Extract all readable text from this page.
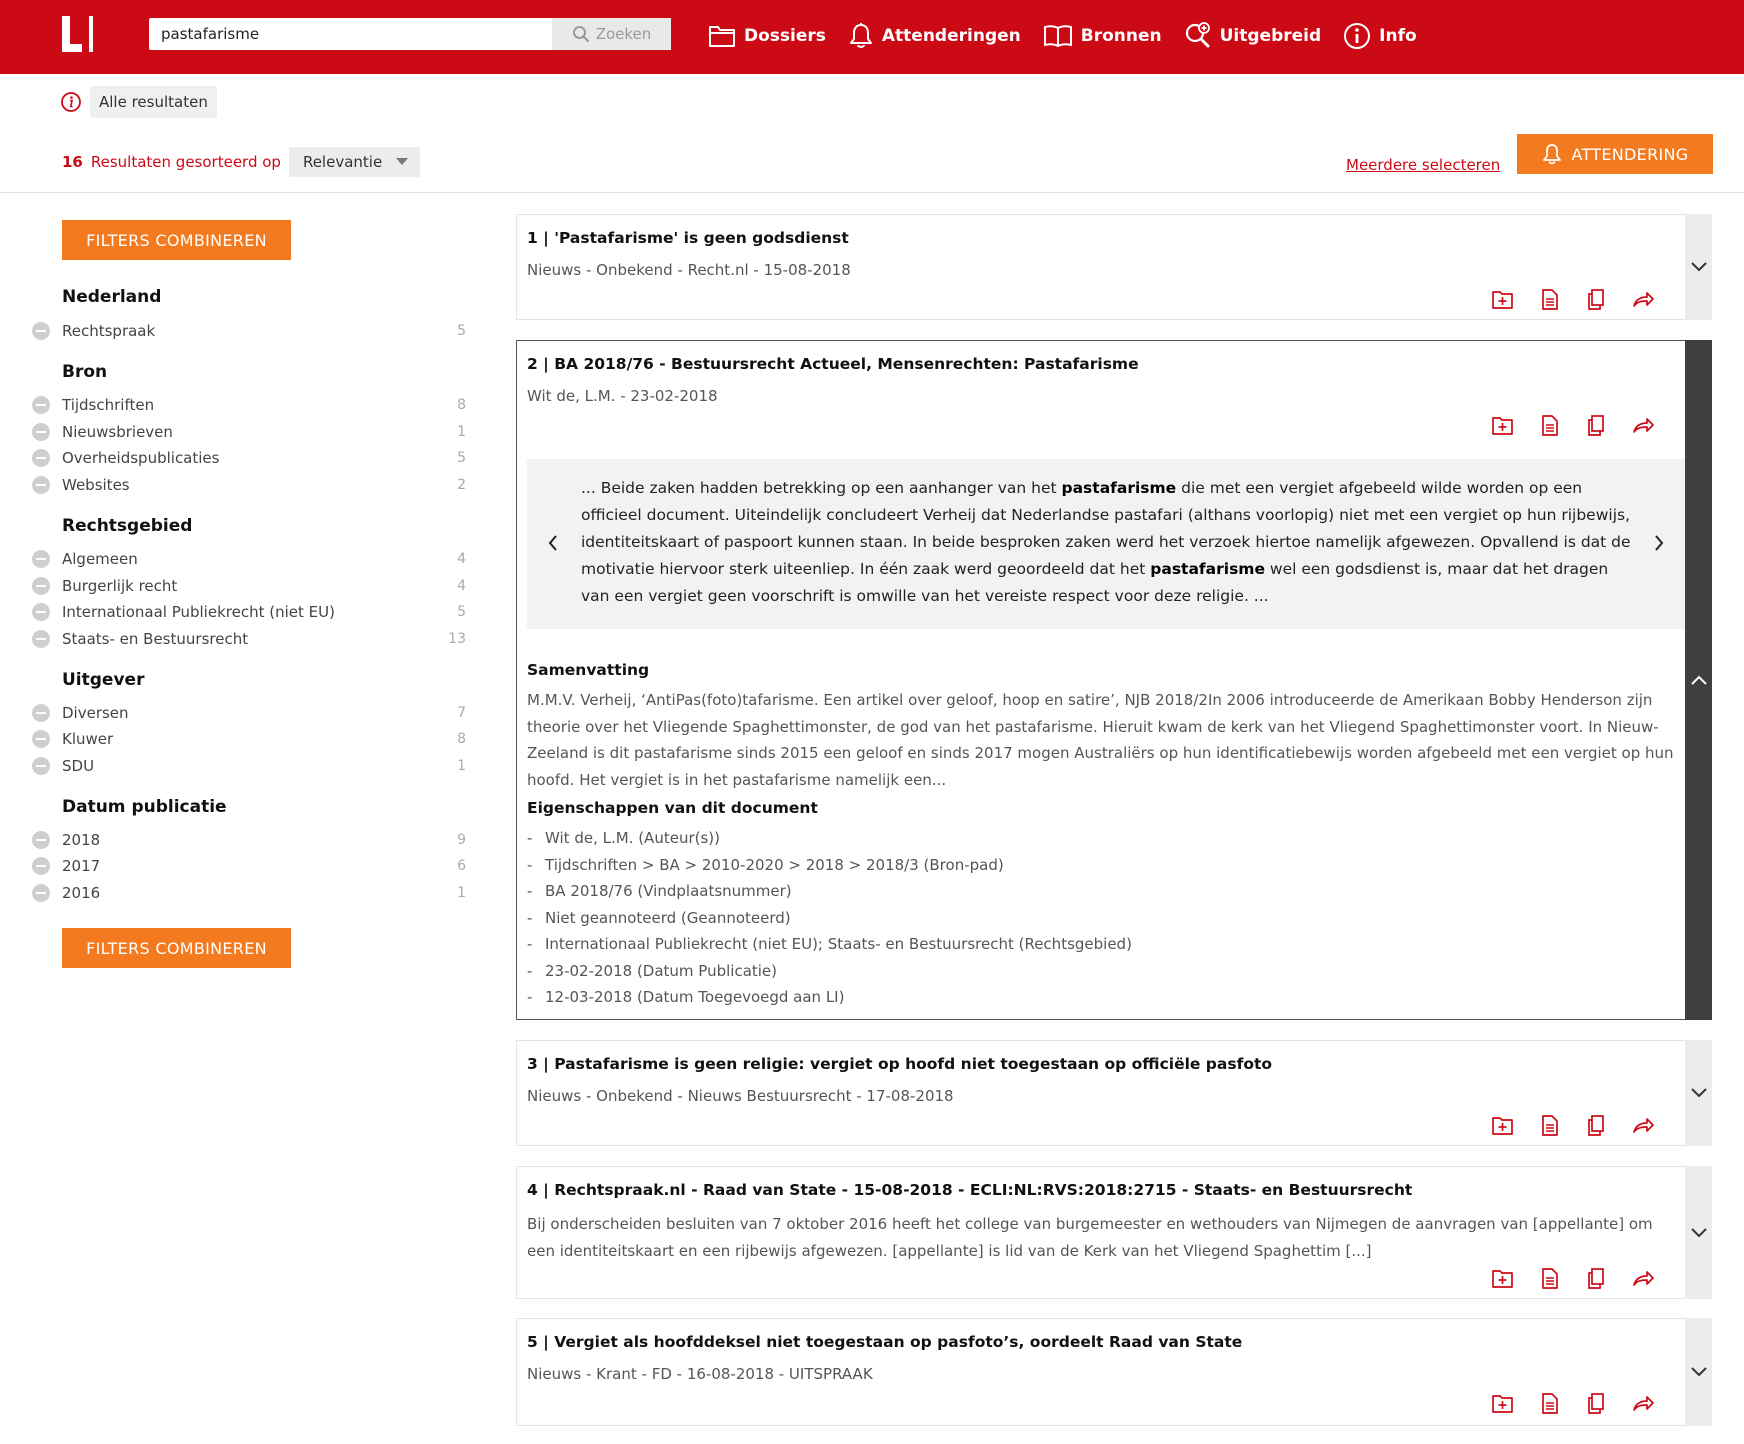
pastafarisme
Zoeken	Dossiers	Attenderingen	Bronnen	Uitgebreid	Info
Alle resultaten
16 Resultaten gesorteerd op Relevantie	Meerdere selecteren
ATTENDERING
FILTERS COMBINEREN
Nederland
Rechtspraak	5
Bron
Tijdschriften	8
Nieuwsbrieven	1
Overheidspublicaties	5
Websites	2
Rechtsgebied
Algemeen	4
Burgerlijk recht	4
Internationaal Publiekrecht (niet EU)	5
Staats- en Bestuursrecht	13
Uitgever
Diversen	7
Kluwer	8
SDU	1
Datum publicatie
2018	9
2017	6
2016	1
FILTERS COMBINEREN
1 | 'Pastafarisme' is geen godsdienst
Nieuws - Onbekend - Recht.nl - 15-08-2018
2 | BA 2018/76 - Bestuursrecht Actueel, Mensenrechten: Pastafarisme
Wit de, L.M. - 23-02-2018
... Beide zaken hadden betrekking op een aanhanger van het pastafarisme die met een vergiet afgebeeld wilde worden op een officieel document. Uiteindelijk concludeert Verheij dat Nederlandse pastafari (althans voorlopig) niet met een vergiet op hun rijbewijs, identiteitskaart of paspoort kunnen staan. In beide besproken zaken werd het verzoek hiertoe namelijk afgewezen. Opvallend is dat de motivatie hiervoor sterk uiteenliep. In één zaak werd geoordeeld dat het pastafarisme wel een godsdienst is, maar dat het dragen van een vergiet geen voorschrift is omwille van het vereiste respect voor deze religie. ...
Samenvatting
M.M.V. Verheij, ‘AntiPas(foto)tafarisme. Een artikel over geloof, hoop en satire’, NJB 2018/2In 2006 introduceerde de Amerikaan Bobby Henderson zijn theorie over het Vliegende Spaghettimonster, de god van het pastafarisme. Hieruit kwam de kerk van het Vliegend Spaghettimonster voort. In Nieuw-Zeeland is dit pastafarisme sinds 2015 een geloof en sinds 2017 mogen Australiërs op hun identificatiebewijs worden afgebeeld met een vergiet op hun hoofd. Het vergiet is in het pastafarisme namelijk een...
Eigenschappen van dit document
- Wit de, L.M. (Auteur(s))
- Tijdschriften > BA > 2010-2020 > 2018 > 2018/3 (Bron-pad)
- BA 2018/76 (Vindplaatsnummer)
- Niet geannoteerd (Geannoteerd)
- Internationaal Publiekrecht (niet EU); Staats- en Bestuursrecht (Rechtsgebied)
- 23-02-2018 (Datum Publicatie)
- 12-03-2018 (Datum Toegevoegd aan LI)
3 | Pastafarisme is geen religie: vergiet op hoofd niet toegestaan op officiële pasfoto
Nieuws - Onbekend - Nieuws Bestuursrecht - 17-08-2018
4 | Rechtspraak.nl - Raad van State - 15-08-2018 - ECLI:NL:RVS:2018:2715 - Staats- en Bestuursrecht
Bij onderscheiden besluiten van 7 oktober 2016 heeft het college van burgemeester en wethouders van Nijmegen de aanvragen van [appellante] om een identiteitskaart en een rijbewijs afgewezen. [appellante] is lid van de Kerk van het Vliegend Spaghettim [...]
5 | Vergiet als hoofddeksel niet toegestaan op pasfoto’s, oordeelt Raad van State
Nieuws - Krant - FD - 16-08-2018 - UITSPRAAK
